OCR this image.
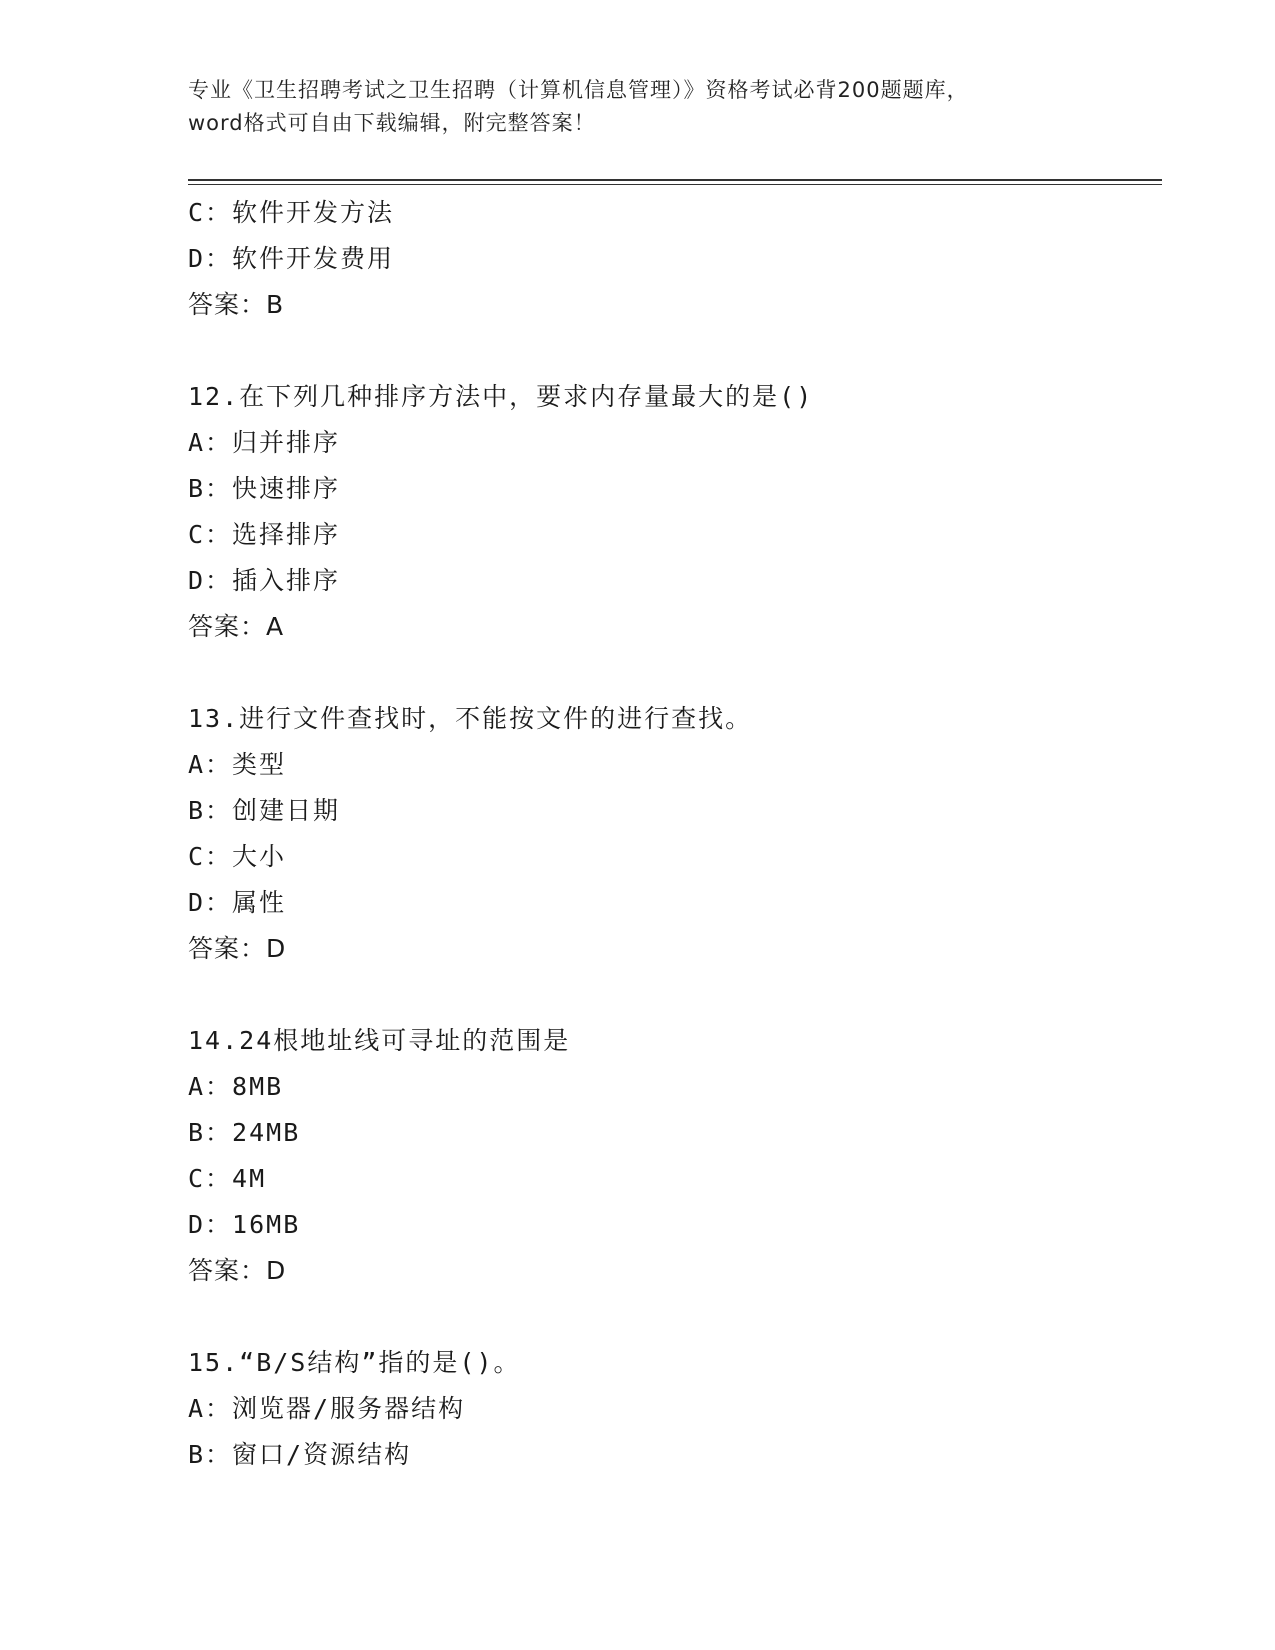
专业《卫生招聘考试之卫生招聘（计算机信息管理）》资格考试必背200题题库，
word格式可自由下载编辑，附完整答案！
C：软件开发方法
D：软件开发费用
答案：B
12.在下列几种排序方法中，要求内存量最大的是()
A：归并排序
B：快速排序
C：选择排序
D：插入排序
答案：A
13.进行文件查找时，不能按文件的进行查找。
A：类型
B：创建日期
C：大小
D：属性
答案：D
14.24根地址线可寻址的范围是
A：8MB
B：24MB
C：4M
D：16MB
答案：D
15.“B/S结构”指的是()。
A：浏览器/服务器结构
B：窗口/资源结构
